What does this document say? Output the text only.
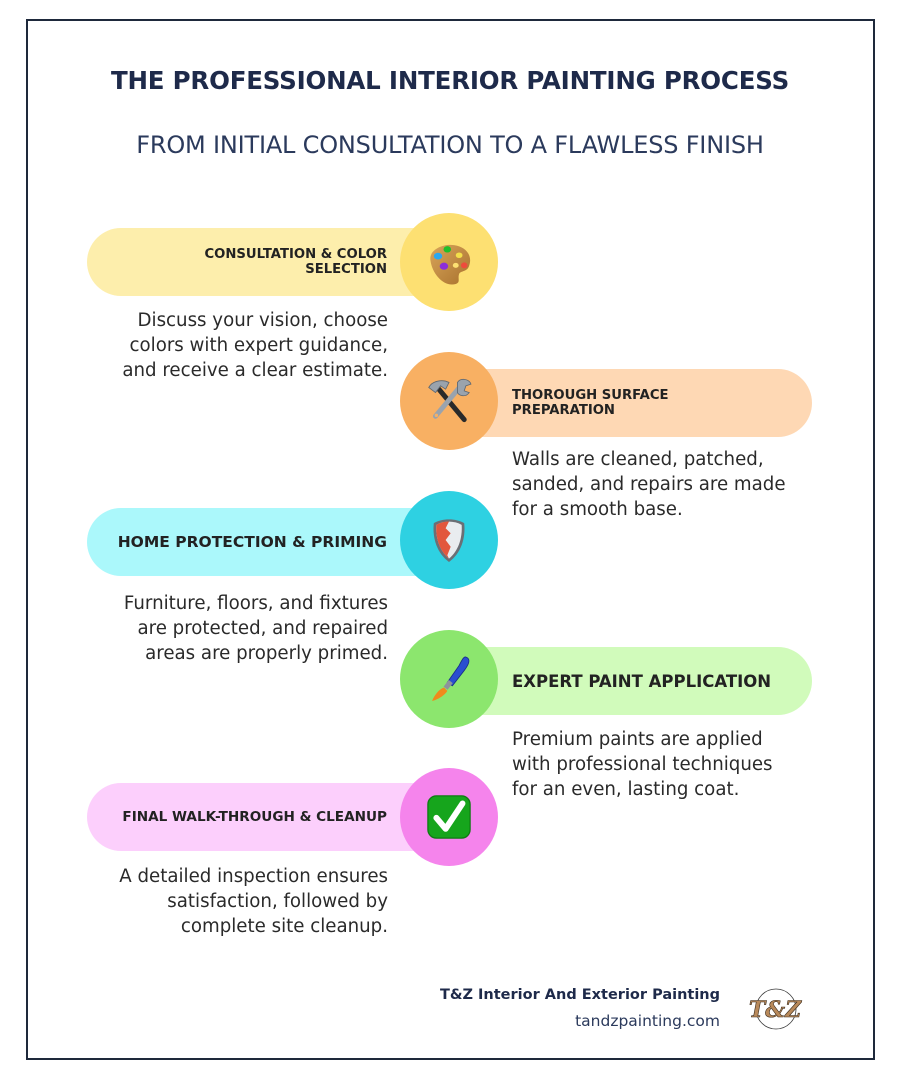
THE PROFESSIONAL INTERIOR PAINTING PROCESS
FROM INITIAL CONSULTATION TO A FLAWLESS FINISH
CONSULTATION & COLOR
SELECTION
Discuss your vision, choose
colors with expert guidance,
and receive a clear estimate.
THOROUGH SURFACE
PREPARATION
Walls are cleaned, patched,
sanded, and repairs are made
for a smooth base.
HOME PROTECTION & PRIMING
Furniture, floors, and fixtures
are protected, and repaired
areas are properly primed.
EXPERT PAINT APPLICATION
Premium paints are applied
with professional techniques
for an even, lasting coat.
FINAL WALK-THROUGH & CLEANUP
A detailed inspection ensures
satisfaction, followed by
complete site cleanup.
T&Z Interior And Exterior Painting
tandzpainting.com T&Z
